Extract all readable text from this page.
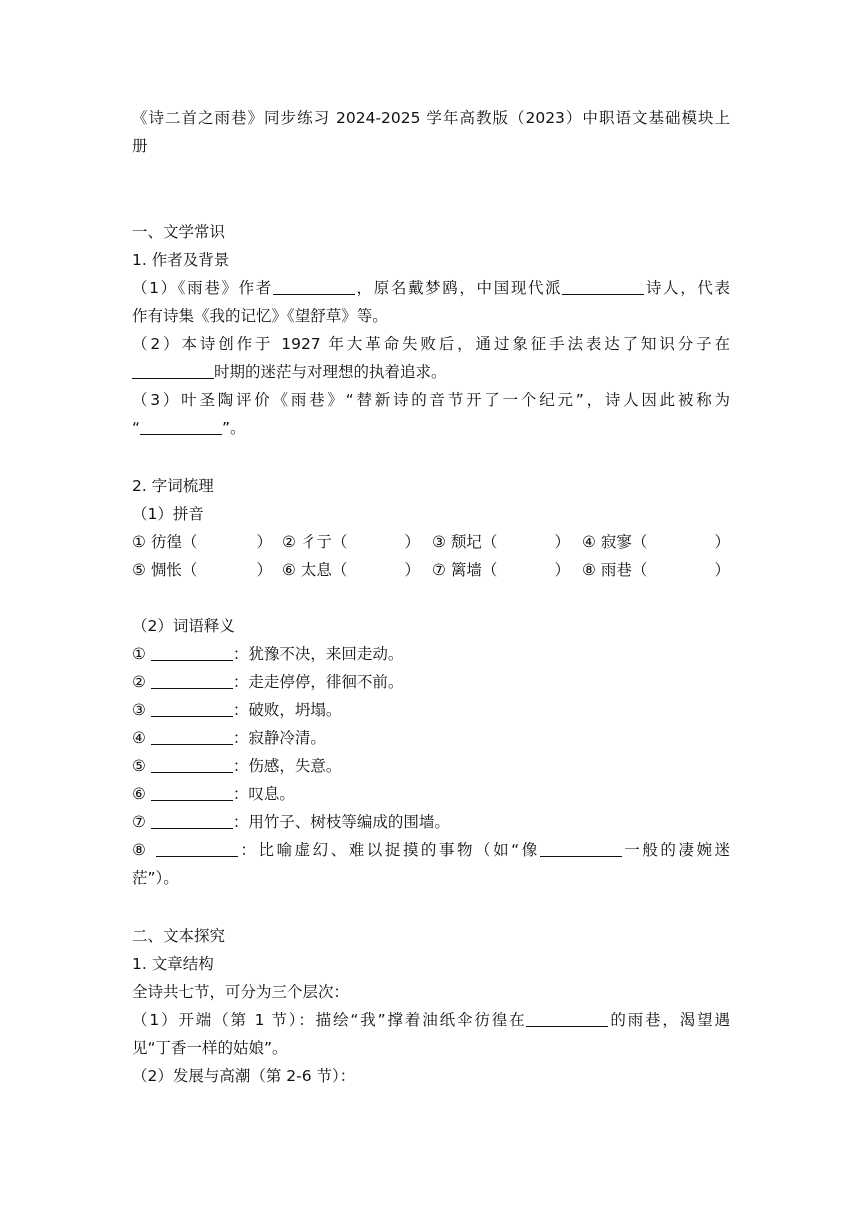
《诗二首之雨巷》同步练习 2024-2025 学年高教版（2023）中职语文基础模块上
册
一、文学常识
1. 作者及背景
（1）《雨巷》作者	，原名戴梦鸥，中国现代派	诗人，代表
作有诗集《我的记忆》《望舒草》等。
（2）本诗创作于 1927 年大革命失败后，通过象征手法表达了知识分子在
时期的迷茫与对理想的执着追求。
（3）叶圣陶评价《雨巷》“替新诗的音节开了一个纪元”，诗人因此被称为
“	”。
2. 字词梳理
（1）拼音
① 彷徨（	） ② 彳亍（	） ③ 颓圮（	） ④ 寂寥（	）
⑤ 惆怅（	） ⑥ 太息（	） ⑦ 篱墙（	） ⑧ 雨巷（	）
（2）词语释义
①	：犹豫不决，来回走动。
②	：走走停停，徘徊不前。
③	：破败，坍塌。
④	：寂静冷清。
⑤	：伤感，失意。
⑥	：叹息。
⑦	：用竹子、树枝等编成的围墙。
⑧	：比喻虚幻、难以捉摸的事物（如“像	一般的凄婉迷
茫”）。
二、文本探究
1. 文章结构
全诗共七节，可分为三个层次：
（1）开端（第 1 节）：描绘“我”撑着油纸伞彷徨在	的雨巷，渴望遇
见“丁香一样的姑娘”。
（2）发展与高潮（第 2-6 节）：
